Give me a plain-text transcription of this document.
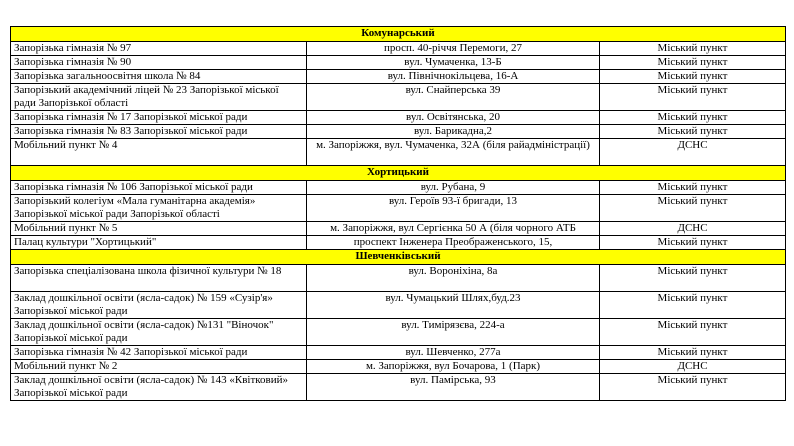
Комунарський		
Запорізька гімназія № 97	просп. 40-річчя Перемоги, 27	Міський пункт
Запорізька гімназія № 90	вул. Чумаченка, 13-Б	Міський пункт
Запорізька загальноосвітня школа № 84	вул. Північнокільцева, 16-А	Міський пункт
Запорізький академічний ліцей № 23 Запорізької міської ради Запорізької області	вул. Снайперська 39	Міський пункт
Запорізька гімназія № 17 Запорізької міської ради	вул. Освітянська, 20	Міський пункт
Запорізька гімназія № 83 Запорізької міської ради	вул. Барикадна,2	Міський пункт
Мобільний пункт № 4	м. Запоріжжя, вул. Чумаченка, 32А (біля райадміністрації)	ДСНС
Хортицький		
Запорізька гімназія № 106 Запорізької міської ради	вул. Рубана, 9	Міський пункт
Запорізький колегіум «Мала гуманітарна академія» Запорізької міської ради Запорізької області	вул. Героїв 93-ї бригади, 13	Міський пункт
Мобільний пункт № 5	м. Запоріжжя, вул Сергієнка 50 А (біля чорного АТБ	ДСНС
Палац культури "Хортицький"	проспект Інженера Преображенського, 15,	Міський пункт
Шевченківський		
Запорізька спеціалізована школа фізичної культури № 18	вул. Вороніхіна, 8а	Міський пункт
Заклад дошкільної освіти (ясла-садок) № 159 «Сузір'я» Запорізької міської ради	вул. Чумацький Шлях,буд.23	Міський пункт
Заклад дошкільної освіти (ясла-садок) №131 "Віночок" Запорізької міської ради	вул. Тимірязєва, 224-а	Міський пункт
Запорізька гімназія № 42 Запорізької міської ради	вул. Шевченко, 277а	Міський пункт
Мобільний пункт № 2	м. Запоріжжя, вул Бочарова, 1 (Парк)	ДСНС
Заклад дошкільної освіти (ясла-садок) № 143 «Квітковий» Запорізької міської ради	вул. Памірська, 93	Міський пункт
